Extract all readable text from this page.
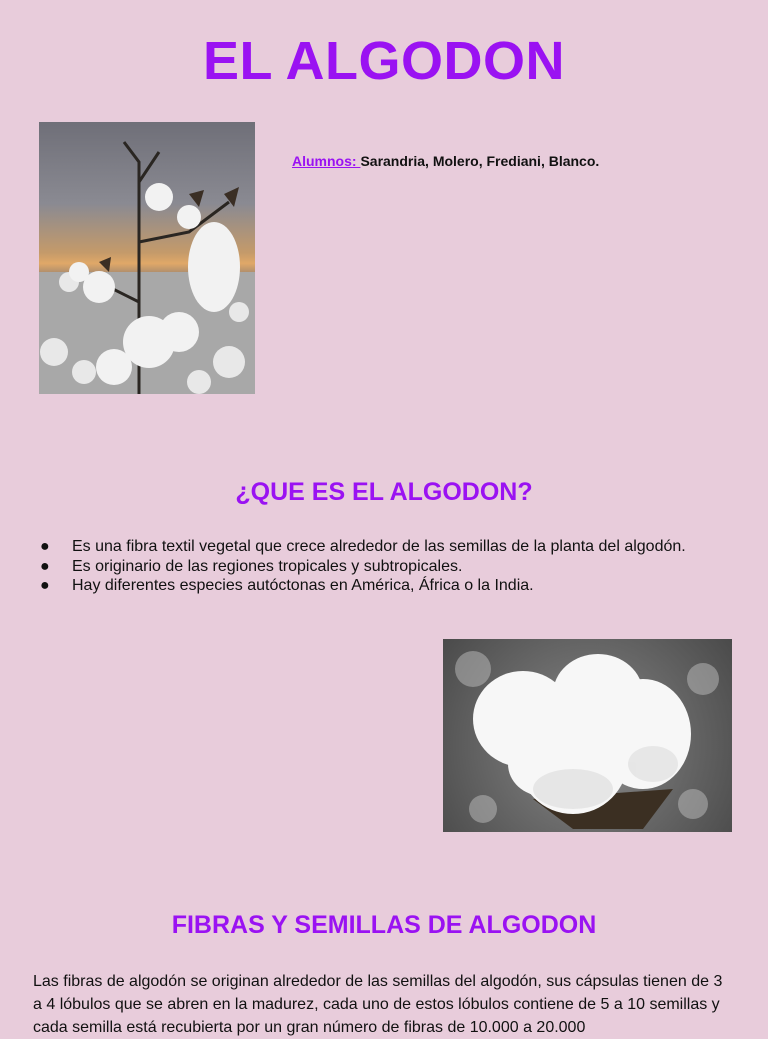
EL ALGODON
Alumnos: Sarandria, Molero, Frediani, Blanco.
¿QUE ES EL ALGODON?
● Es una fibra textil vegetal que crece alrededor de las semillas de la planta del algodón.
● Es originario de las regiones tropicales y subtropicales.
● Hay diferentes especies autóctonas en América, África o la India.
FIBRAS Y SEMILLAS DE ALGODON
Las fibras de algodón se originan alrededor de las semillas del algodón, sus cápsulas tienen de 3 a 4 lóbulos que se abren en la madurez, cada uno de estos lóbulos contiene de 5 a 10 semillas y cada semilla está recubierta por un gran número de fibras de 10.000 a 20.000
